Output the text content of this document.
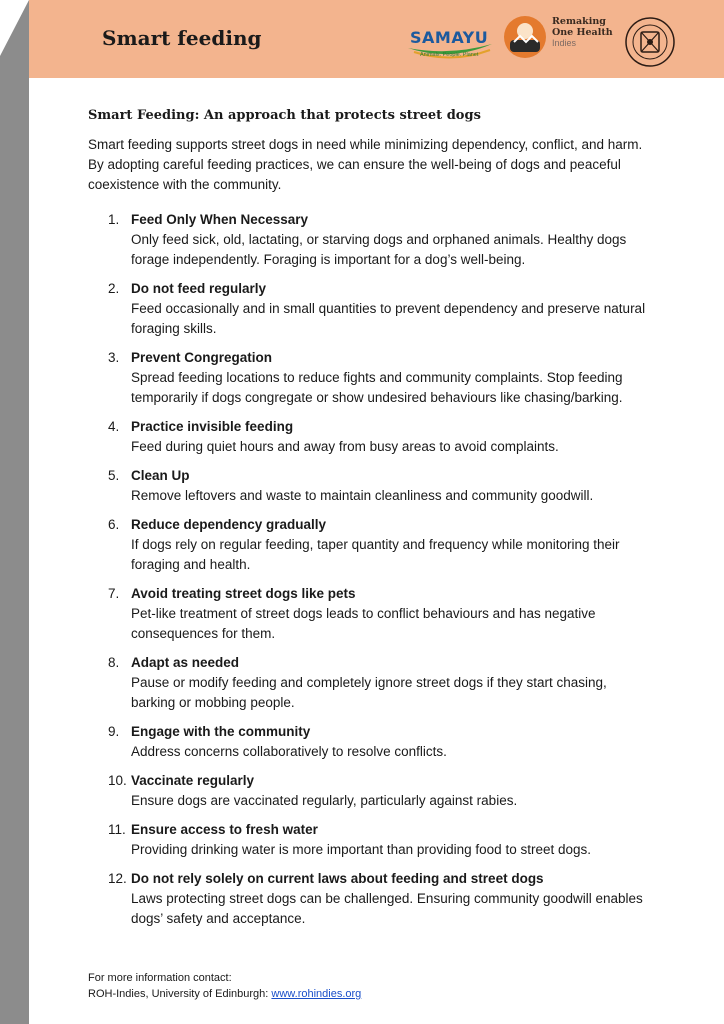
Smart feeding	SAMAYU
Animals. People. Planet
Remaking
One Health
Indies
Smart Feeding: An approach that protects street dogs
Smart feeding supports street dogs in need while minimizing dependency, conflict, and harm. By adopting careful feeding practices, we can ensure the well-being of dogs and peaceful coexistence with the community.
1. Feed Only When Necessary
Only feed sick, old, lactating, or starving dogs and orphaned animals. Healthy dogs forage independently. Foraging is important for a dog’s well-being.
2. Do not feed regularly
Feed occasionally and in small quantities to prevent dependency and preserve natural foraging skills.
3. Prevent Congregation
Spread feeding locations to reduce fights and community complaints. Stop feeding temporarily if dogs congregate or show undesired behaviours like chasing/barking.
4. Practice invisible feeding
Feed during quiet hours and away from busy areas to avoid complaints.
5. Clean Up
Remove leftovers and waste to maintain cleanliness and community goodwill.
6. Reduce dependency gradually
If dogs rely on regular feeding, taper quantity and frequency while monitoring their foraging and health.
7. Avoid treating street dogs like pets
Pet-like treatment of street dogs leads to conflict behaviours and has negative consequences for them.
8. Adapt as needed
Pause or modify feeding and completely ignore street dogs if they start chasing, barking or mobbing people.
9. Engage with the community
Address concerns collaboratively to resolve conflicts.
10. Vaccinate regularly
Ensure dogs are vaccinated regularly, particularly against rabies.
11. Ensure access to fresh water
Providing drinking water is more important than providing food to street dogs.
12. Do not rely solely on current laws about feeding and street dogs
Laws protecting street dogs can be challenged. Ensuring community goodwill enables dogs’ safety and acceptance.
For more information contact:
ROH-Indies, University of Edinburgh: www.rohindies.org
